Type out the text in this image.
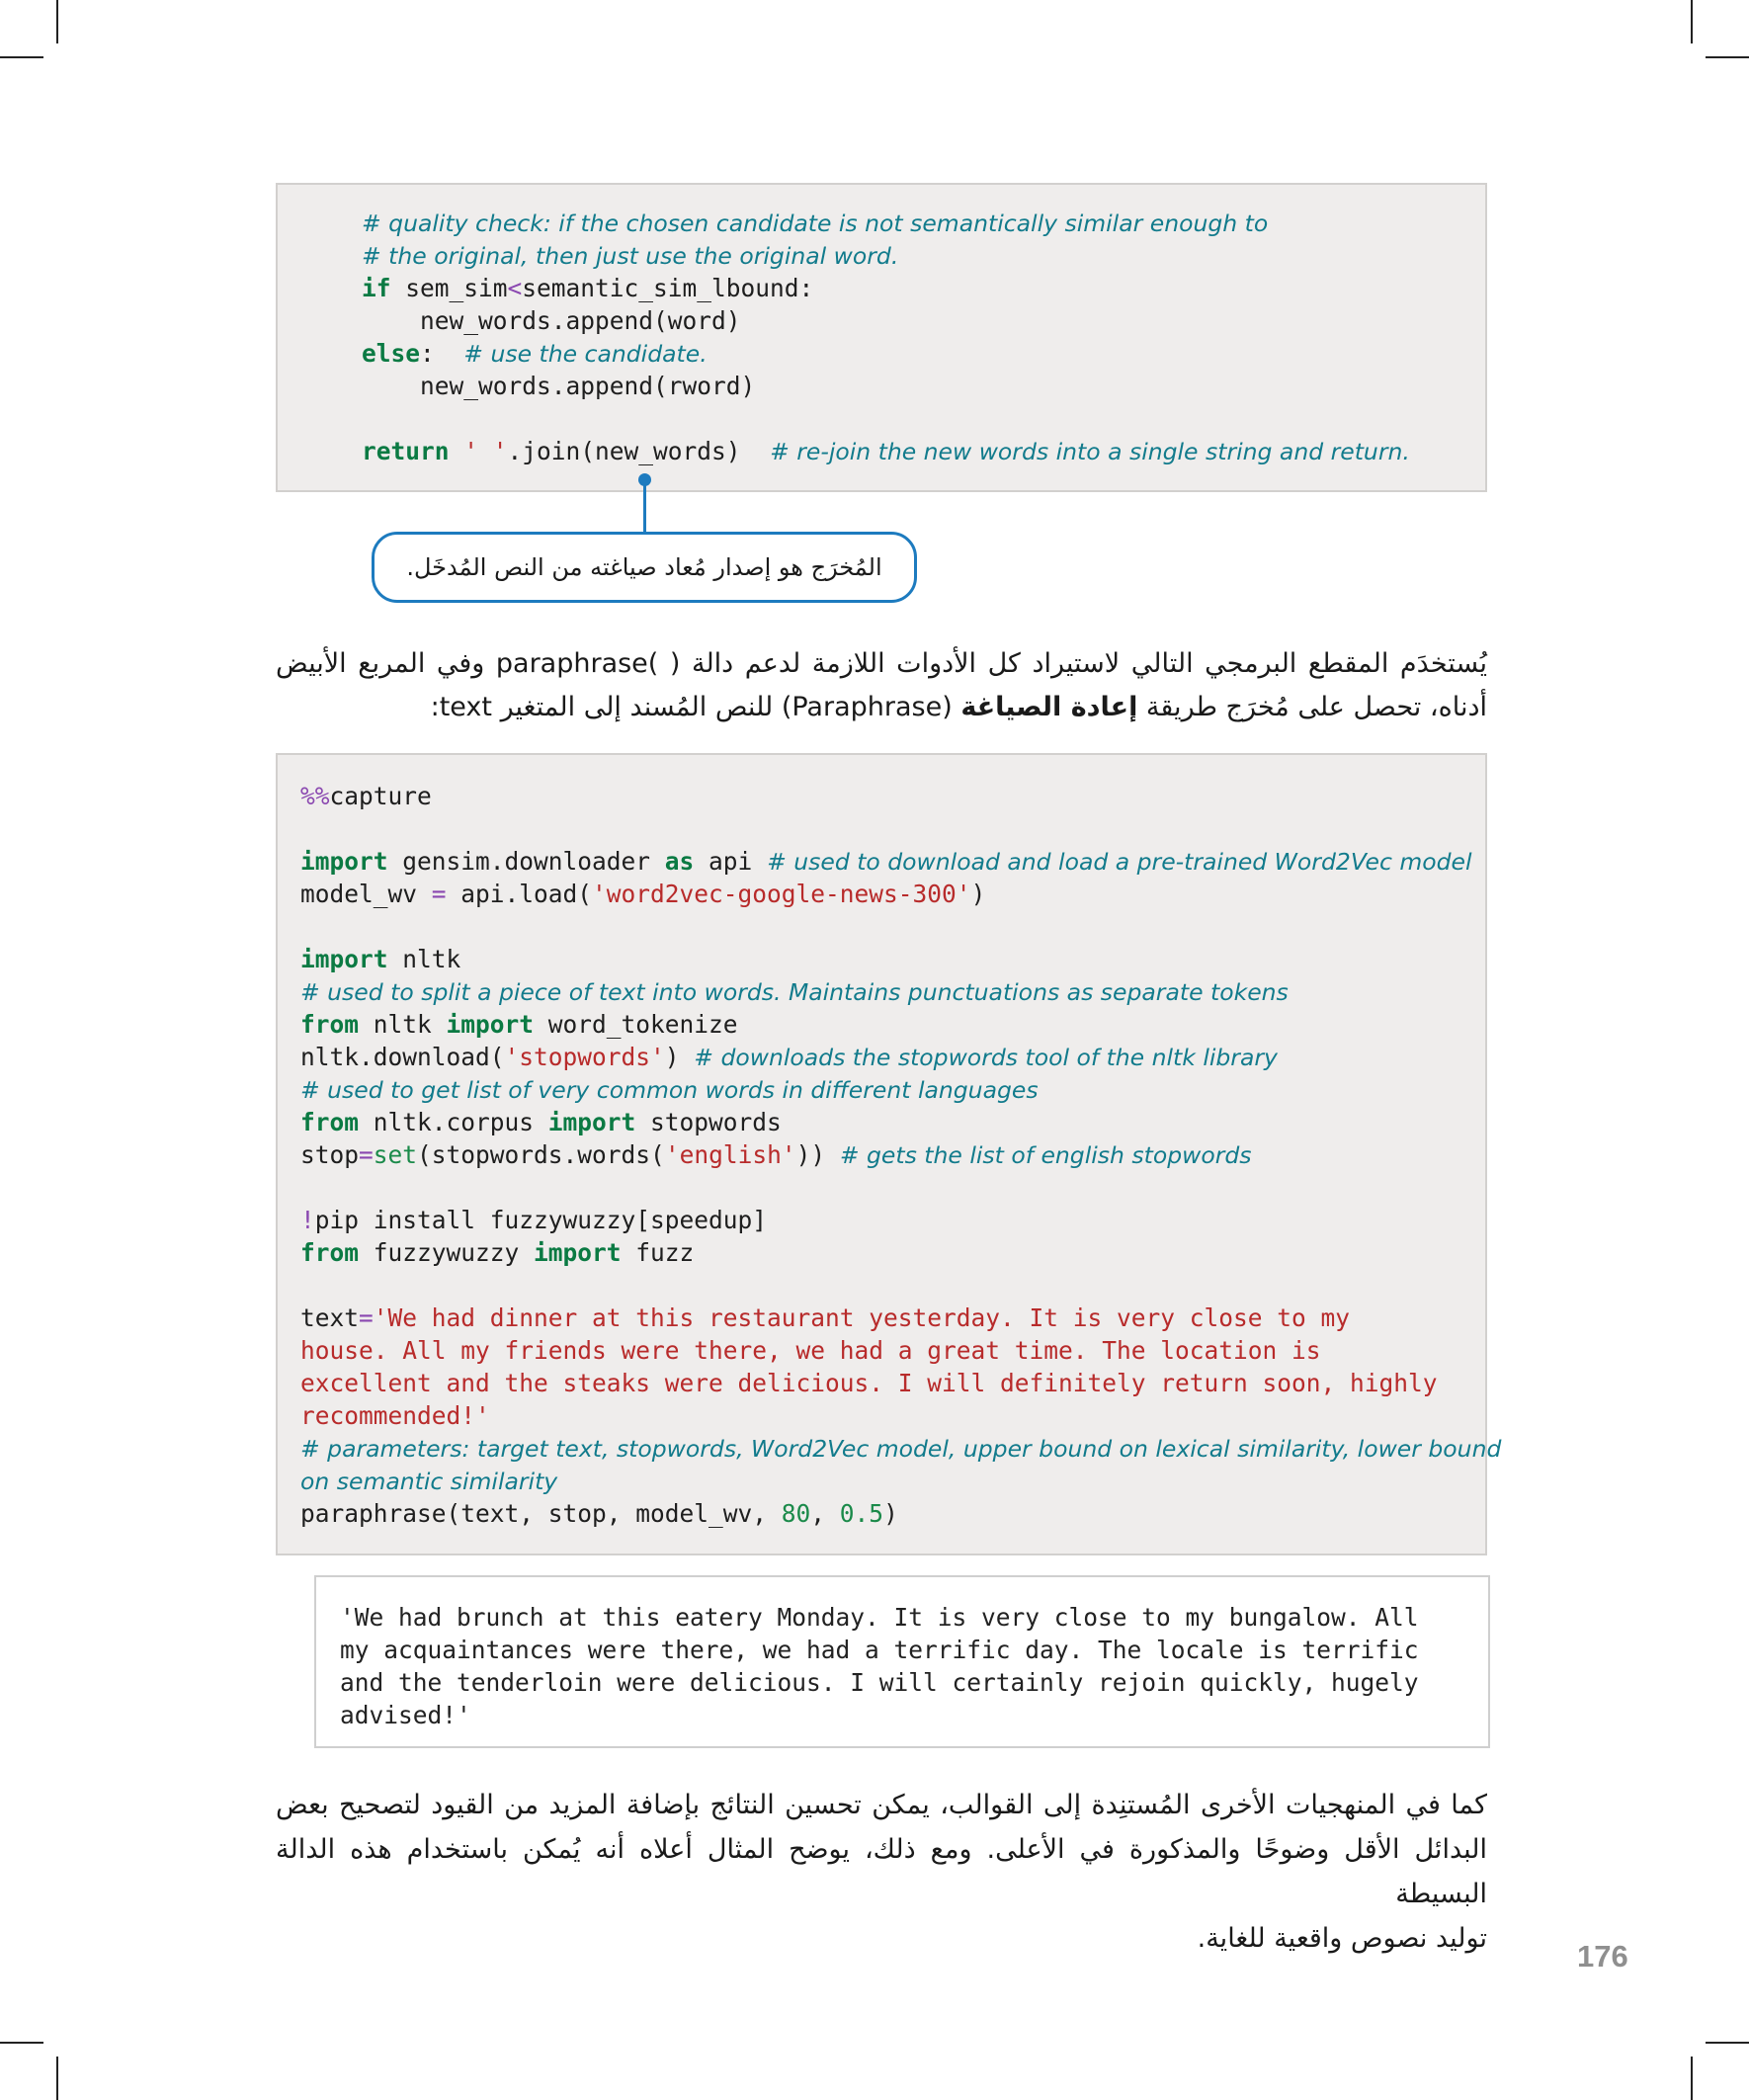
# quality check: if the chosen candidate is not semantically similar enough to
# the original, then just use the original word.
if sem_sim<semantic_sim_lbound:
new_words.append(word)
else:  # use the candidate.
new_words.append(rword)
return ' '.join(new_words)  # re-join the new words into a single string and return.
المُخرَج هو إصدار مُعاد صياغته من النص المُدخَل.
يُستخدَم المقطع البرمجي التالي لاستيراد كل الأدوات اللازمة لدعم دالة ( )paraphrase وفي المربع الأبيض
أدناه، تحصل على مُخرَج طريقة إعادة الصياغة (Paraphrase) للنص المُسند إلى المتغير text:
%%capture
import gensim.downloader as api # used to download and load a pre-trained Word2Vec model
model_wv = api.load('word2vec-google-news-300')
import nltk
# used to split a piece of text into words. Maintains punctuations as separate tokens
from nltk import word_tokenize
nltk.download('stopwords') # downloads the stopwords tool of the nltk library
# used to get list of very common words in different languages
from nltk.corpus import stopwords
stop=set(stopwords.words('english')) # gets the list of english stopwords
!pip install fuzzywuzzy[speedup]
from fuzzywuzzy import fuzz
text='We had dinner at this restaurant yesterday. It is very close to my
house. All my friends were there, we had a great time. The location is
excellent and the steaks were delicious. I will definitely return soon, highly
recommended!'
# parameters: target text, stopwords, Word2Vec model, upper bound on lexical similarity, lower bound
on semantic similarity
paraphrase(text, stop, model_wv, 80, 0.5)
'We had brunch at this eatery Monday. It is very close to my bungalow. All
my acquaintances were there, we had a terrific day. The locale is terrific
and the tenderloin were delicious. I will certainly rejoin quickly, hugely
advised!'
كما في المنهجيات الأخرى المُستنِدة إلى القوالب، يمكن تحسين النتائج بإضافة المزيد من القيود لتصحيح بعض
البدائل الأقل وضوحًا والمذكورة في الأعلى. ومع ذلك، يوضح المثال أعلاه أنه يُمكن باستخدام هذه الدالة البسيطة
توليد نصوص واقعية للغاية.
176
